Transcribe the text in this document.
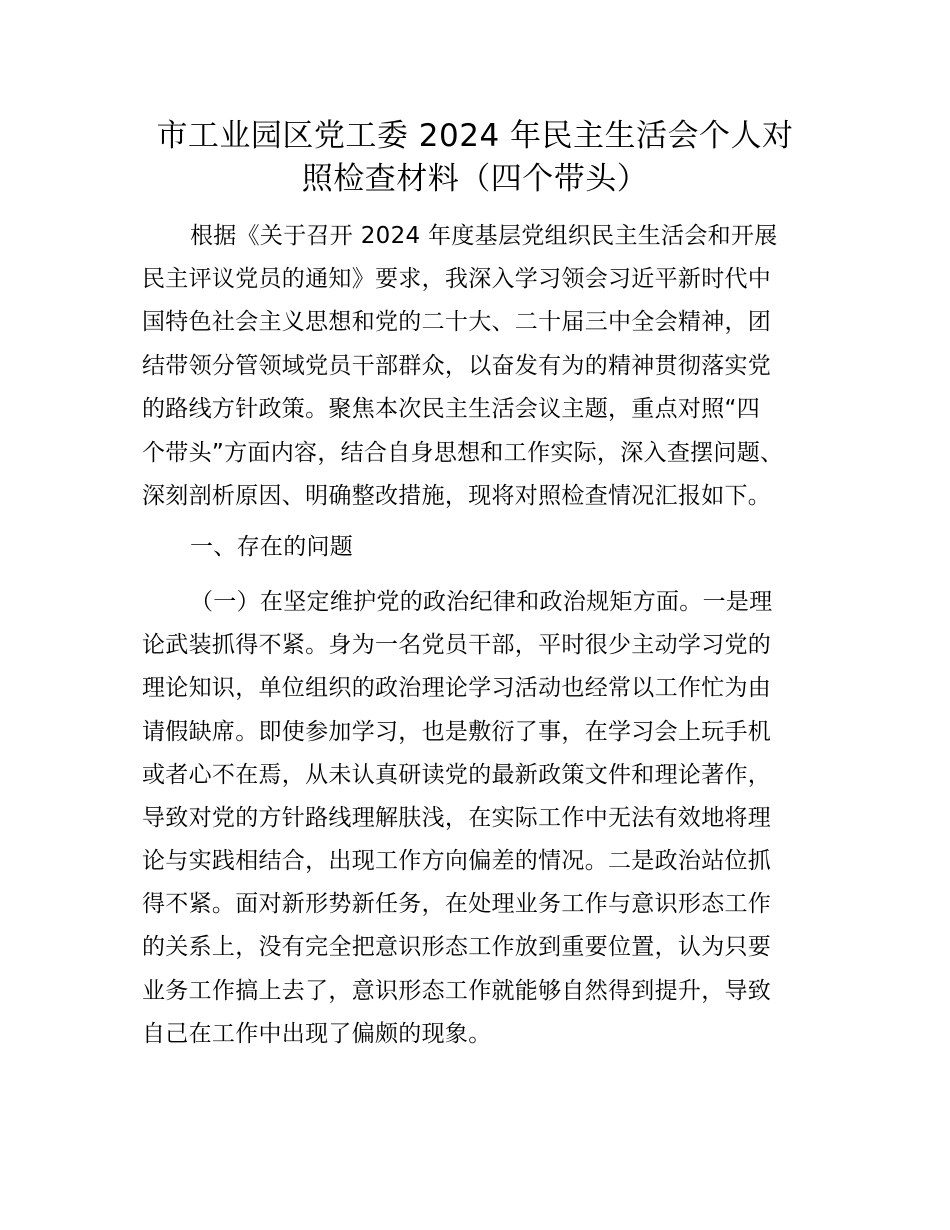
市工业园区党工委 2024 年民主生活会个人对
照检查材料（四个带头）
根据《关于召开 2024 年度基层党组织民主生活会和开展
民主评议党员的通知》要求，我深入学习领会习近平新时代中
国特色社会主义思想和党的二十大、二十届三中全会精神，团
结带领分管领域党员干部群众，以奋发有为的精神贯彻落实党
的路线方针政策。聚焦本次民主生活会议主题，重点对照“四
个带头”方面内容，结合自身思想和工作实际，深入查摆问题、
深刻剖析原因、明确整改措施，现将对照检查情况汇报如下。
一、存在的问题
（一）在坚定维护党的政治纪律和政治规矩方面。一是理
论武装抓得不紧。身为一名党员干部，平时很少主动学习党的
理论知识，单位组织的政治理论学习活动也经常以工作忙为由
请假缺席。即使参加学习，也是敷衍了事，在学习会上玩手机
或者心不在焉，从未认真研读党的最新政策文件和理论著作，
导致对党的方针路线理解肤浅，在实际工作中无法有效地将理
论与实践相结合，出现工作方向偏差的情况。二是政治站位抓
得不紧。面对新形势新任务，在处理业务工作与意识形态工作
的关系上，没有完全把意识形态工作放到重要位置，认为只要
业务工作搞上去了，意识形态工作就能够自然得到提升，导致
自己在工作中出现了偏颇的现象。
